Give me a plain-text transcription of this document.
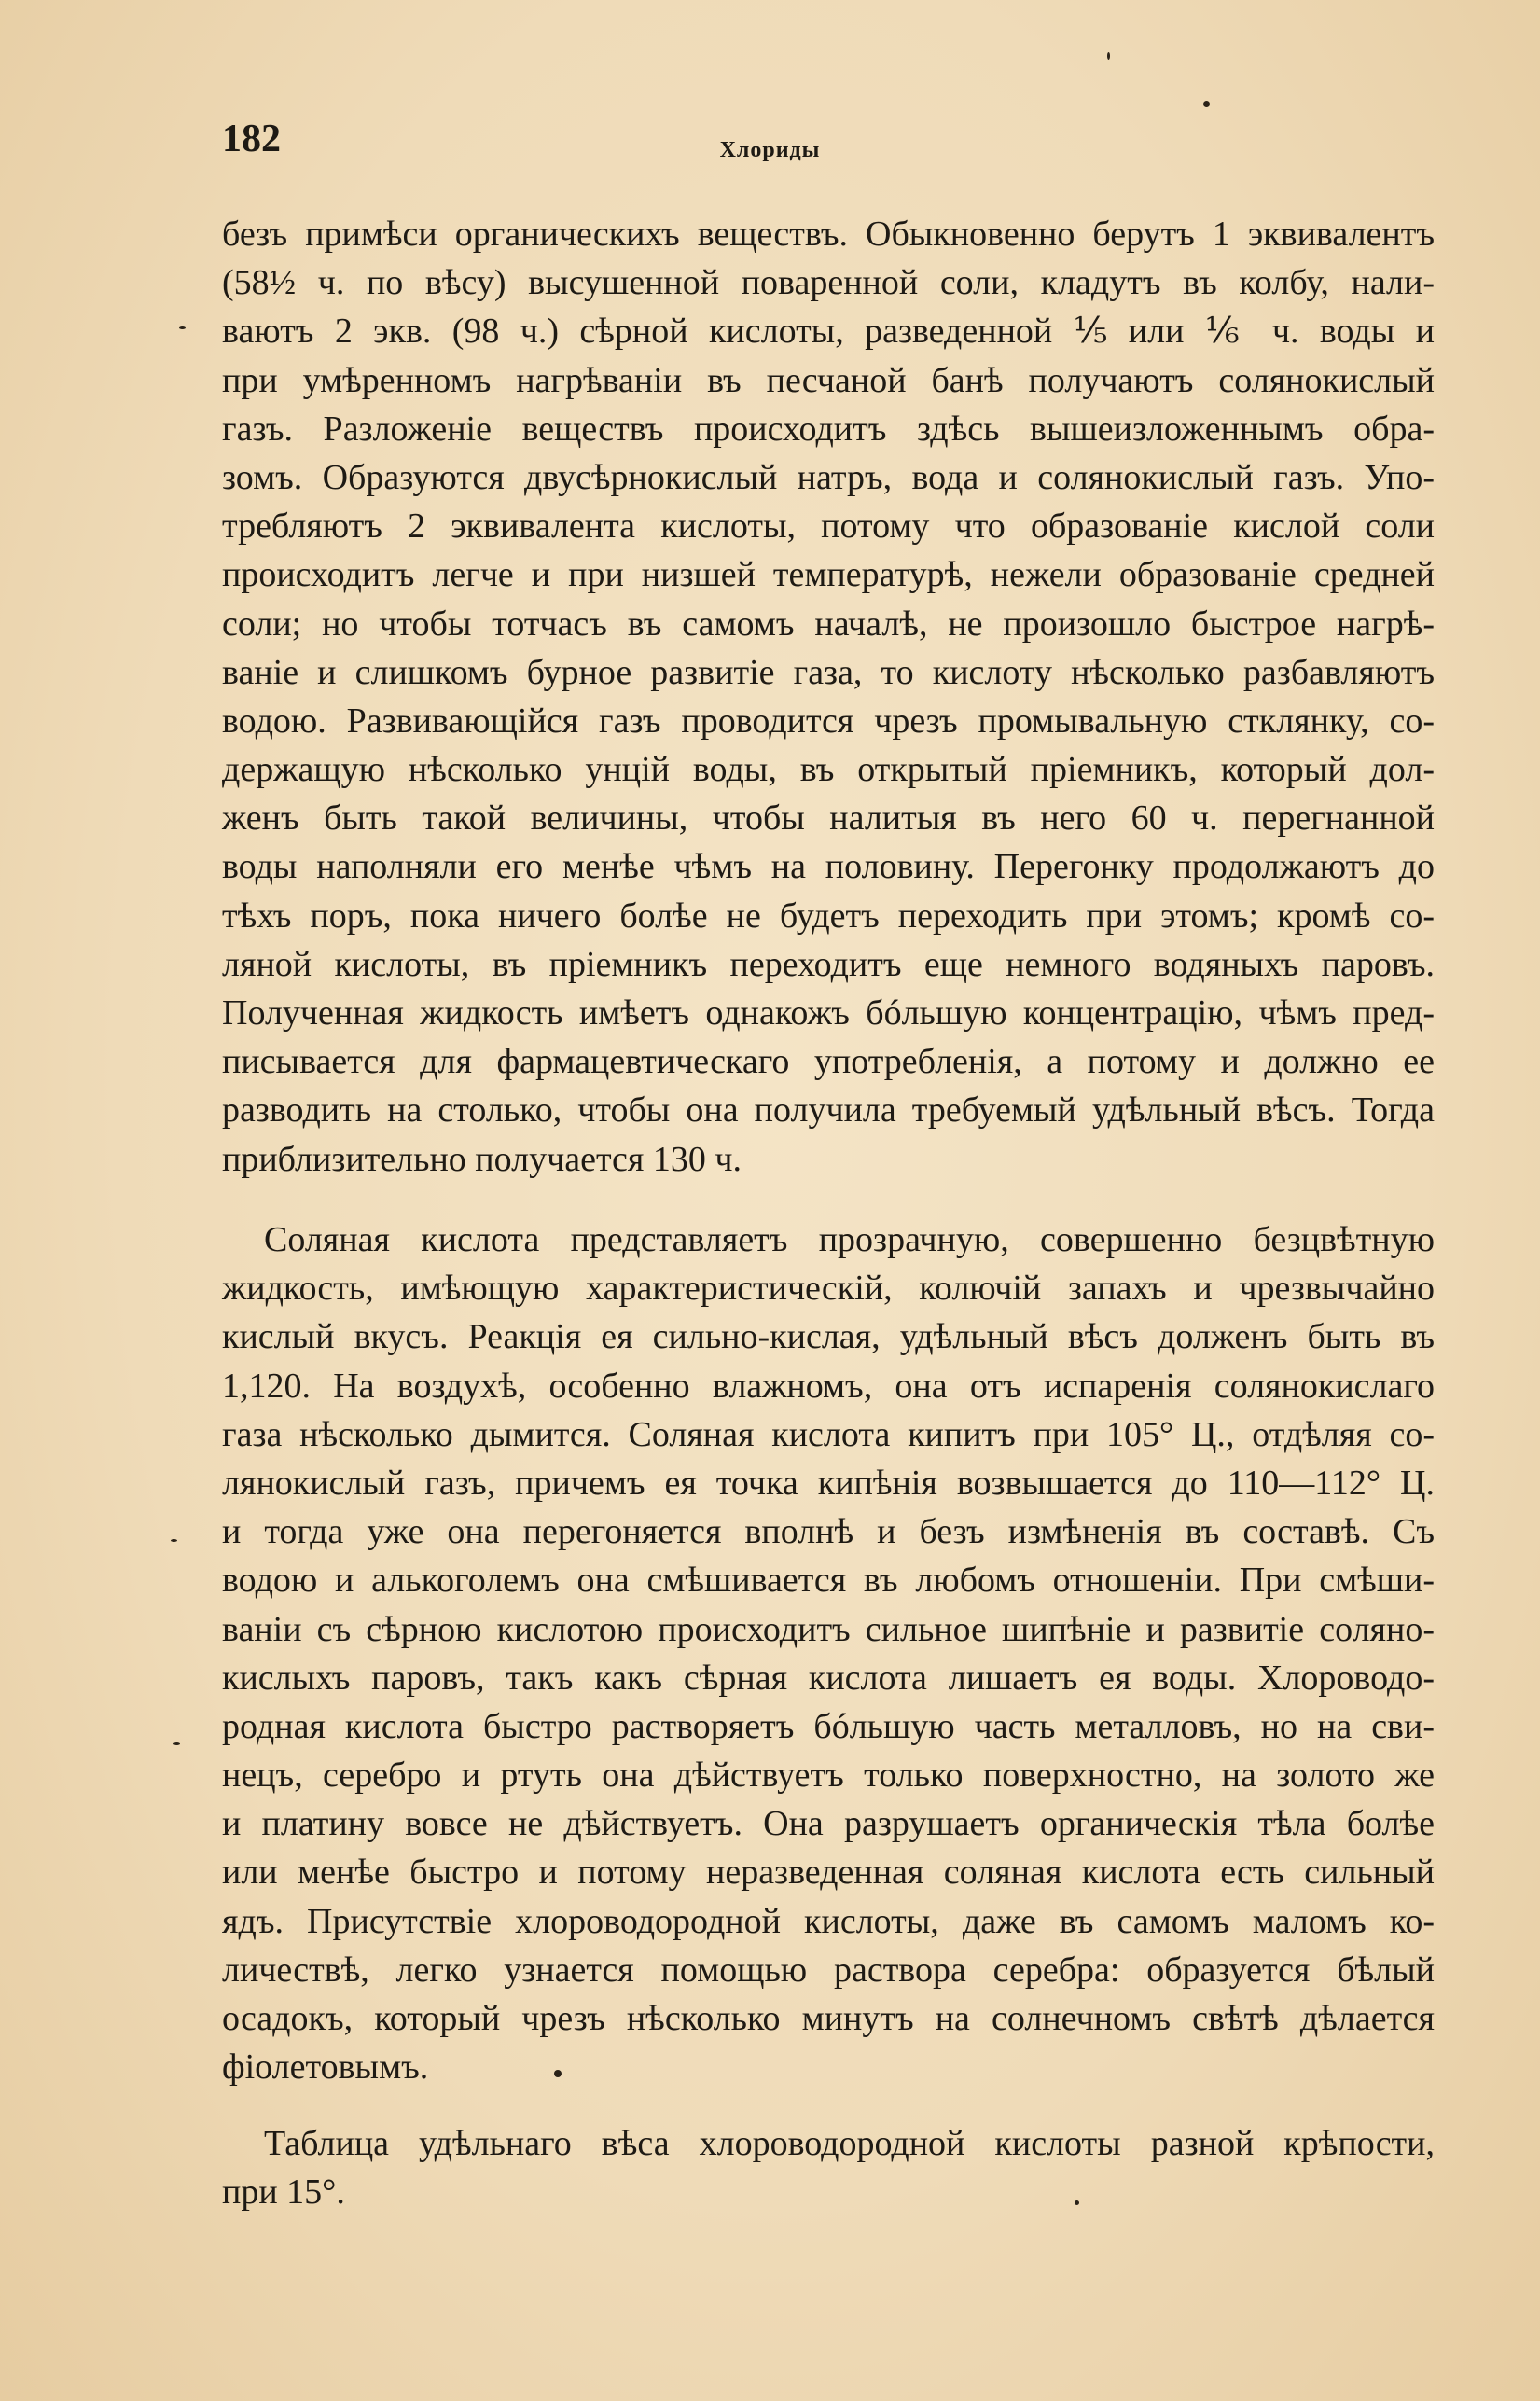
182	Хлориды
безъ примѣси органическихъ веществъ. Обыкновенно берутъ 1 эквивалентъ
(58½ ч. по вѣсу) высушенной поваренной соли, кладутъ въ колбу, нали-
ваютъ 2 экв. (98 ч.) сѣрной кислоты, разведенной ⅕ или ⅙ ч. воды и
при умѣренномъ нагрѣваніи въ песчаной банѣ получаютъ солянокислый
газъ. Разложеніе веществъ происходитъ здѣсь вышеизложеннымъ обра-
зомъ. Образуются двусѣрнокислый натръ, вода и солянокислый газъ. Упо-
требляютъ 2 эквивалента кислоты, потому что образованіе кислой соли
происходитъ легче и при низшей температурѣ, нежели образованіе средней
соли; но чтобы тотчасъ въ самомъ началѣ, не произошло быстрое нагрѣ-
ваніе и слишкомъ бурное развитіе газа, то кислоту нѣсколько разбавляютъ
водою. Развивающійся газъ проводится чрезъ промывальную стклянку, со-
держащую нѣсколько унцій воды, въ открытый пріемникъ, который дол-
женъ быть такой величины, чтобы налитыя въ него 60 ч. перегнанной
воды наполняли его менѣе чѣмъ на половину. Перегонку продолжаютъ до
тѣхъ поръ, пока ничего болѣе не будетъ переходить при этомъ; кромѣ со-
ляной кислоты, въ пріемникъ переходитъ еще немного водяныхъ паровъ.
Полученная жидкость имѣетъ однакожъ бóльшую концентрацію, чѣмъ пред-
писывается для фармацевтическаго употребленія, а потому и должно ее
разводить на столько, чтобы она получила требуемый удѣльный вѣсъ. Тогда
приблизительно получается 130 ч.
Соляная кислота представляетъ прозрачную, совершенно безцвѣтную
жидкость, имѣющую характеристическій, колючій запахъ и чрезвычайно
кислый вкусъ. Реакція ея сильно-кислая, удѣльный вѣсъ долженъ быть въ
1,120. На воздухѣ, особенно влажномъ, она отъ испаренія солянокислаго
газа нѣсколько дымится. Соляная кислота кипитъ при 105° Ц., отдѣляя со-
лянокислый газъ, причемъ ея точка кипѣнія возвышается до 110—112° Ц.
и тогда уже она перегоняется вполнѣ и безъ измѣненія въ составѣ. Съ
водою и алькоголемъ она смѣшивается въ любомъ отношеніи. При смѣши-
ваніи съ сѣрною кислотою происходитъ сильное шипѣніе и развитіе соляно-
кислыхъ паровъ, такъ какъ сѣрная кислота лишаетъ ея воды. Хлороводо-
родная кислота быстро растворяетъ бóльшую часть металловъ, но на сви-
нецъ, серебро и ртуть она дѣйствуетъ только поверхностно, на золото же
и платину вовсе не дѣйствуетъ. Она разрушаетъ органическія тѣла болѣе
или менѣе быстро и потому неразведенная соляная кислота есть сильный
ядъ. Присутствіе хлороводородной кислоты, даже въ самомъ маломъ ко-
личествѣ, легко узнается помощью раствора серебра: образуется бѣлый
осадокъ, который чрезъ нѣсколько минутъ на солнечномъ свѣтѣ дѣлается
фіолетовымъ.
Таблица удѣльнаго вѣса хлороводородной кислоты разной крѣпости,
при 15°.
